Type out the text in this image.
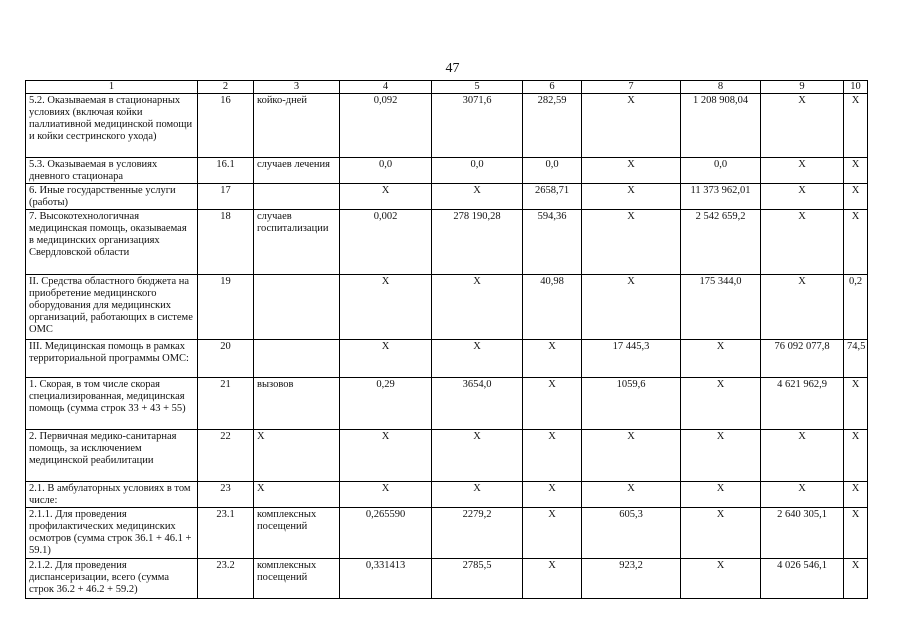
47
1	2	3	4	5	6	7	8	9	10
5.2. Оказываемая в стационарных условиях (включая койки паллиативной медицинской помощи и койки сестринского ухода)	16	койко-дней	0,092	3071,6	282,59	Х	1 208 908,04	Х	Х
5.3. Оказываемая в условиях дневного стационара	16.1	случаев лечения	0,0	0,0	0,0	Х	0,0	Х	Х
6. Иные государственные услуги (работы)	17		Х	Х	2658,71	Х	11 373 962,01	Х	Х
7. Высокотехнологичная медицинская помощь, оказываемая в медицинских организациях Свердловской области	18	случаев госпитализации	0,002	278 190,28	594,36	Х	2 542 659,2	Х	Х
II. Средства областного бюджета на приобретение медицинского оборудования для медицинских организаций, работающих в системе ОМС	19		Х	Х	40,98	Х	175 344,0	Х	0,2
III. Медицинская помощь в рамках территориальной программы ОМС:	20		Х	Х	Х	17 445,3	Х	76 092 077,8	74,5
1. Скорая, в том числе скорая специализированная, медицинская помощь (сумма строк 33 + 43 + 55)	21	вызовов	0,29	3654,0	Х	1059,6	Х	4 621 962,9	Х
2. Первичная медико-санитарная помощь, за исключением медицинской реабилитации	22	Х	Х	Х	Х	Х	Х	Х	Х
2.1. В амбулаторных условиях в том числе:	23	Х	Х	Х	Х	Х	Х	Х	Х
2.1.1. Для проведения профилактических медицинских осмотров (сумма строк 36.1 + 46.1 + 59.1)	23.1	комплексных посещений	0,265590	2279,2	Х	605,3	Х	2 640 305,1	Х
2.1.2. Для проведения диспансеризации, всего (сумма строк 36.2 + 46.2 + 59.2)	23.2	комплексных посещений	0,331413	2785,5	Х	923,2	Х	4 026 546,1	Х
